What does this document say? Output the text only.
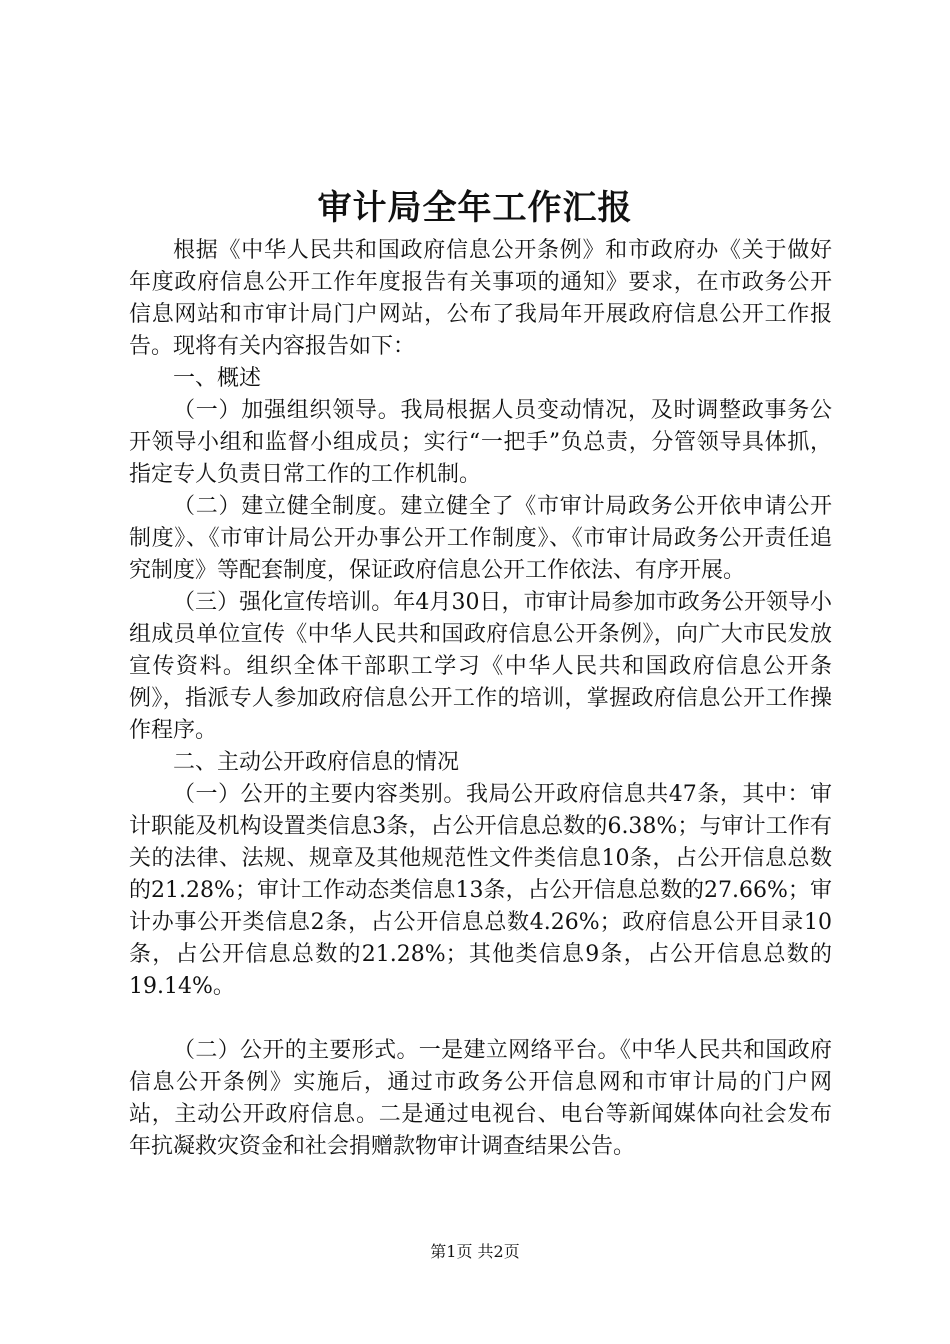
审计局全年工作汇报

根据《中华人民共和国政府信息公开条例》和市政府办《关于做好年度政府信息公开工作年度报告有关事项的通知》要求，在市政务公开信息网站和市审计局门户网站，公布了我局年开展政府信息公开工作报告。现将有关内容报告如下：

一、概述

（一）加强组织领导。我局根据人员变动情况，及时调整政事务公开领导小组和监督小组成员；实行“一把手”负总责，分管领导具体抓，指定专人负责日常工作的工作机制。

（二）建立健全制度。建立健全了《市审计局政务公开依申请公开制度》、《市审计局公开办事公开工作制度》、《市审计局政务公开责任追究制度》等配套制度，保证政府信息公开工作依法、有序开展。

（三）强化宣传培训。年4月30日，市审计局参加市政务公开领导小组成员单位宣传《中华人民共和国政府信息公开条例》，向广大市民发放宣传资料。组织全体干部职工学习《中华人民共和国政府信息公开条例》，指派专人参加政府信息公开工作的培训，掌握政府信息公开工作操作程序。

二、主动公开政府信息的情况

（一）公开的主要内容类别。我局公开政府信息共47条，其中：审计职能及机构设置类信息3条，占公开信息总数的6.38%；与审计工作有关的法律、法规、规章及其他规范性文件类信息10条，占公开信息总数的21.28%；审计工作动态类信息13条，占公开信息总数的27.66%；审计办事公开类信息2条，占公开信息总数4.26%；政府信息公开目录10条，占公开信息总数的21.28%；其他类信息9条，占公开信息总数的19.14%。

（二）公开的主要形式。一是建立网络平台。《中华人民共和国政府信息公开条例》实施后，通过市政务公开信息网和市审计局的门户网站，主动公开政府信息。二是通过电视台、电台等新闻媒体向社会发布年抗凝救灾资金和社会捐赠款物审计调查结果公告。

第1页 共2页
